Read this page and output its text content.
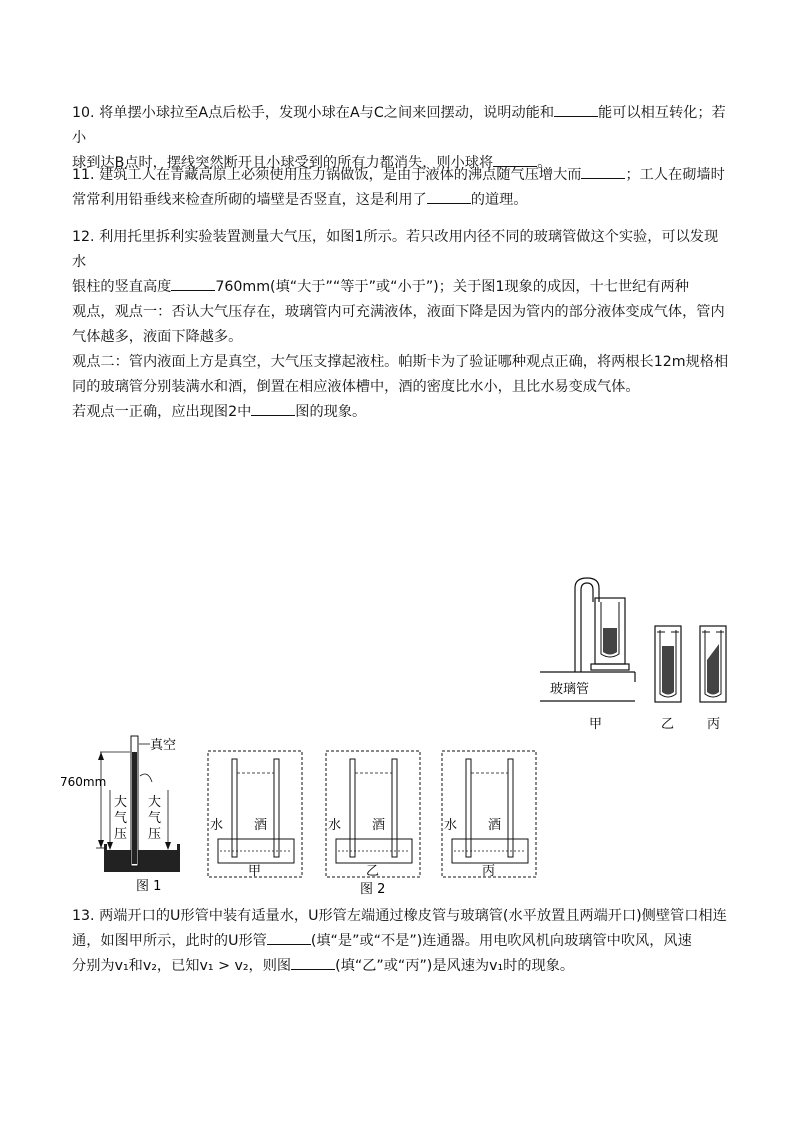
10. 将单摆小球拉至A点后松手，发现小球在A与C之间来回摆动，说明动能和	能可以相互转化；若小
球到达B点时，摆线突然断开且小球受到的所有力都消失，则小球将	。
11. 建筑工人在青藏高原上必须使用压力锅做饭，是由于液体的沸点随气压增大而	；工人在砌墙时
常常利用铅垂线来检查所砌的墙壁是否竖直，这是利用了	的道理。
12. 利用托里拆利实验装置测量大气压，如图1所示。若只改用内径不同的玻璃管做这个实验，可以发现水
银柱的竖直高度	760mm(填“大于”“等于”或“小于”)；关于图1现象的成因，十七世纪有两种
观点，观点一：否认大气压存在，玻璃管内可充满液体，液面下降是因为管内的部分液体变成气体，管内
气体越多，液面下降越多。
观点二：管内液面上方是真空，大气压支撑起液柱。帕斯卡为了验证哪种观点正确，将两根长12m规格相
同的玻璃管分别装满水和酒，倒置在相应液体槽中，酒的密度比水小，且比水易变成气体。
若观点一正确，应出现图2中	图的现象。
玻璃管
甲	乙	丙
真空
760mm
大
气
压
大
气
压
图 1
水 酒
甲
水 酒
乙
水 酒
丙
图 2
13. 两端开口的U形管中装有适量水，U形管左端通过橡皮管与玻璃管(水平放置且两端开口)侧壁管口相连
通，如图甲所示，此时的U形管	(填“是”或“不是”)连通器。用电吹风机向玻璃管中吹风，风速
分别为v₁和v₂，已知v₁ > v₂，则图	(填“乙”或“丙”)是风速为v₁时的现象。
